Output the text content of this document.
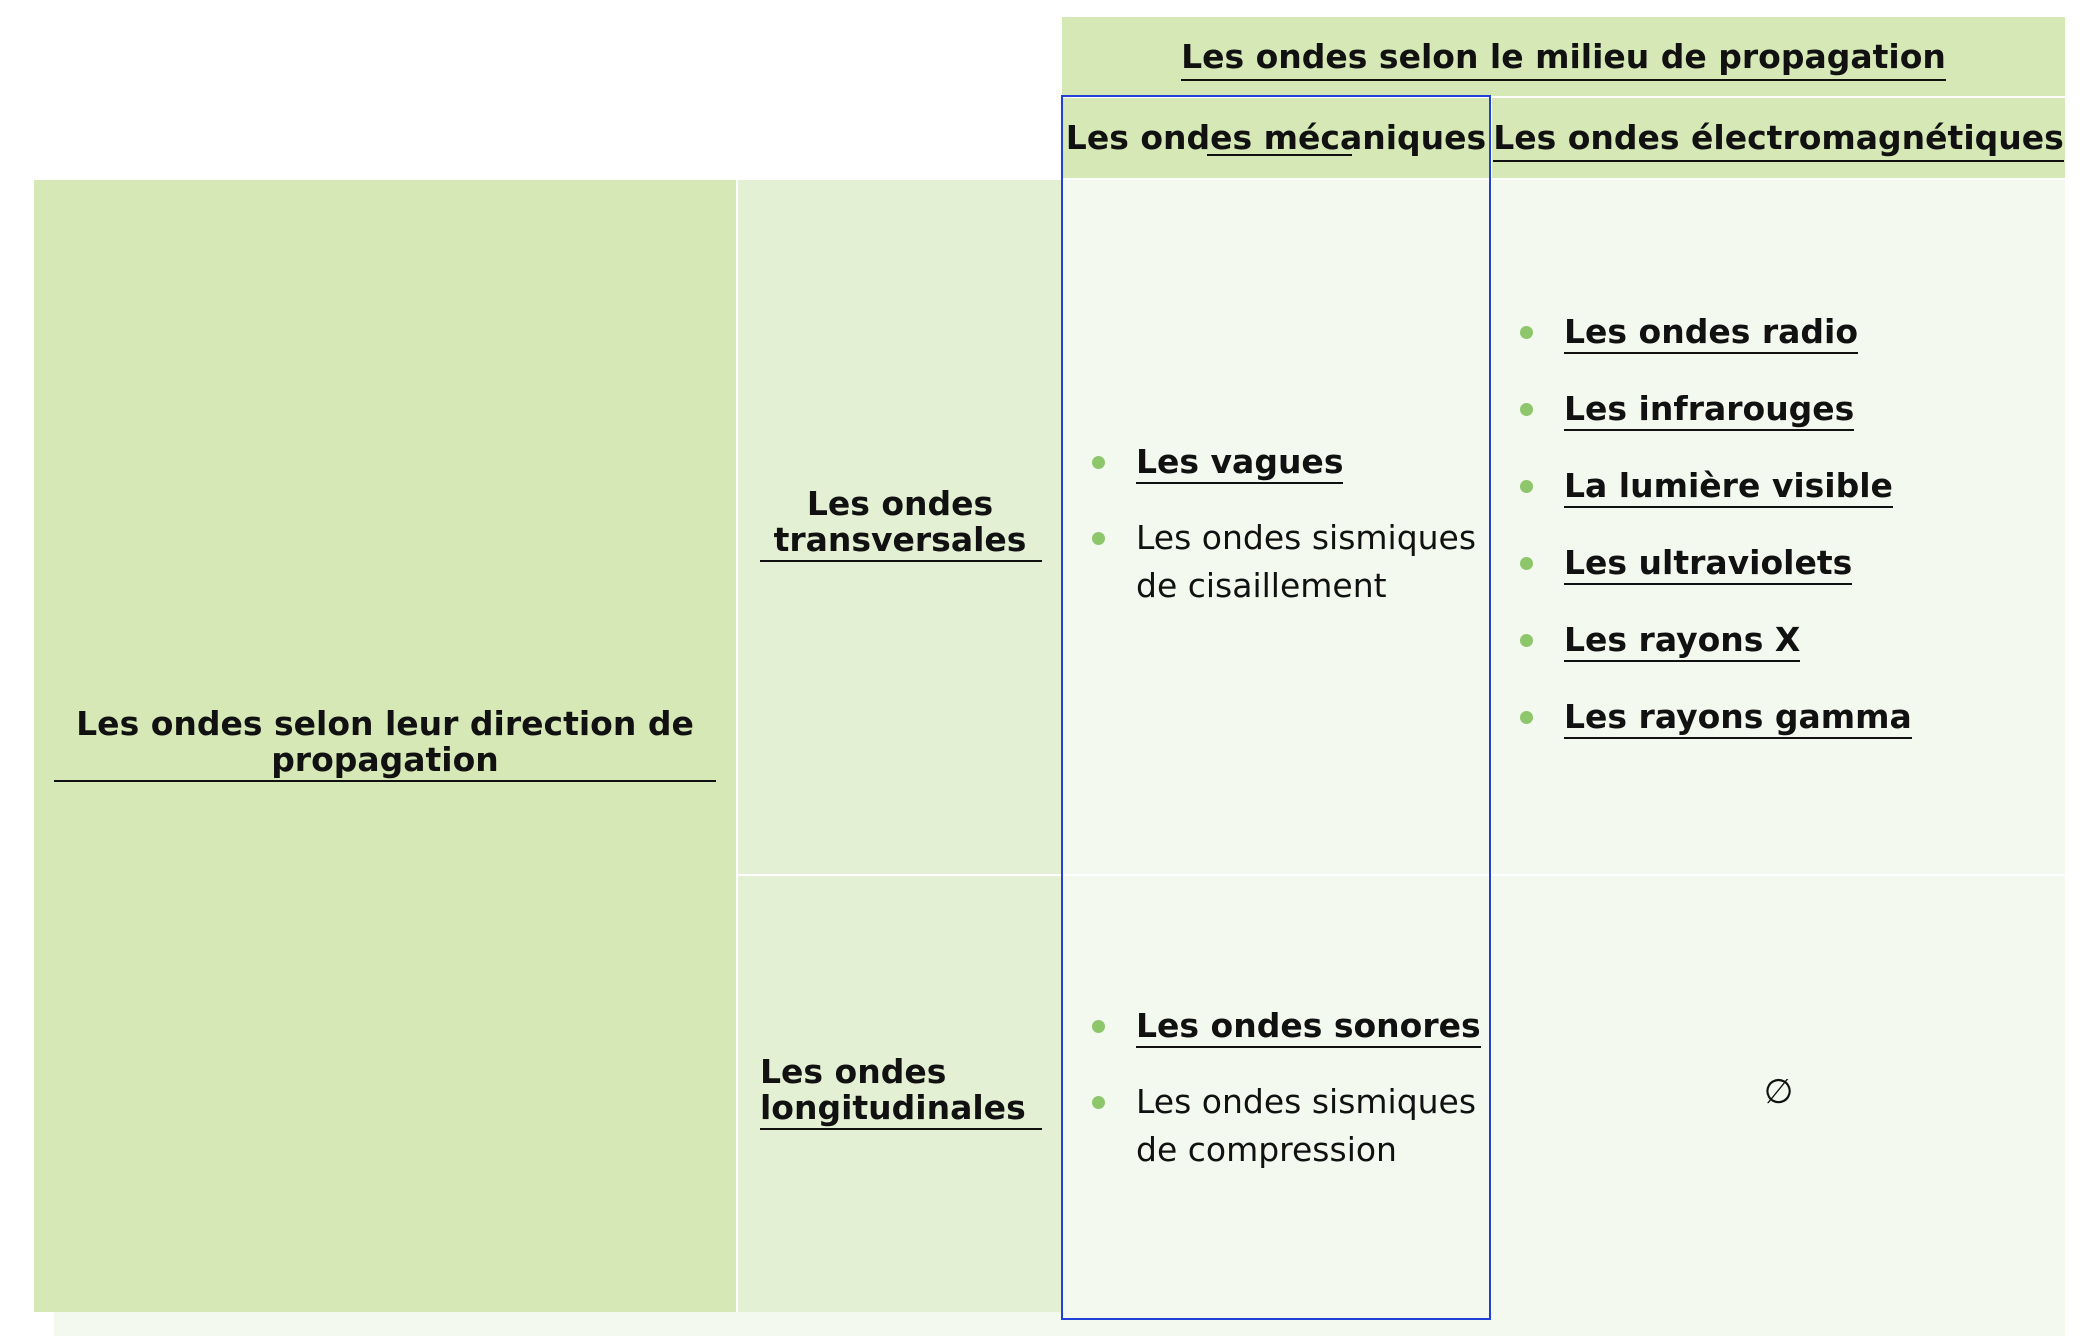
Les ondes selon le milieu de propagation
Les ondes mécaniques Les ondes électromagnétiques
Les ondes selon leur direction de
propagation
Les ondes
transversales
Les ondes
longitudinales
Les vagues
Les ondes sismiques
de cisaillement
Les ondes radio
Les infrarouges
La lumière visible
Les ultraviolets
Les rayons X
Les rayons gamma
Les ondes sonores
Les ondes sismiques
de compression
∅
